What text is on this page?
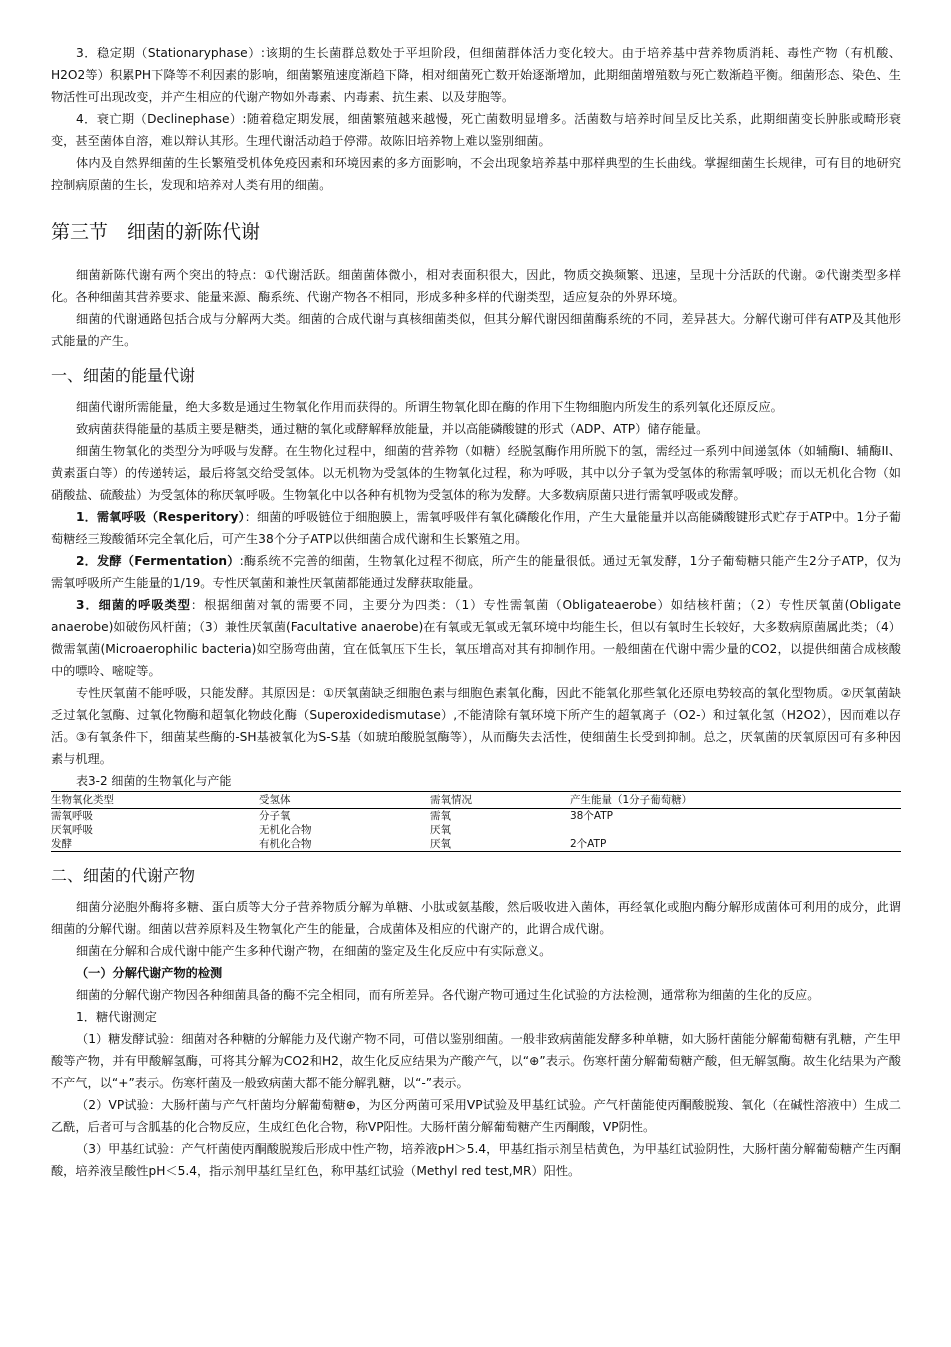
3．稳定期（Stationaryphase）:该期的生长菌群总数处于平坦阶段，但细菌群体活力变化较大。由于培养基中营养物质消耗、毒性产物（有机酸、H2O2等）积累PH下降等不利因素的影响，细菌繁殖速度渐趋下降，相对细菌死亡数开始逐渐增加，此期细菌增殖数与死亡数渐趋平衡。细菌形态、染色、生物活性可出现改变，并产生相应的代谢产物如外毒素、内毒素、抗生素、以及芽胞等。

4．衰亡期（Declinephase）:随着稳定期发展，细菌繁殖越来越慢，死亡菌数明显增多。活菌数与培养时间呈反比关系，此期细菌变长肿胀或畸形衰变，甚至菌体自溶，难以辩认其形。生理代谢活动趋于停滞。故陈旧培养物上难以鉴别细菌。

体内及自然界细菌的生长繁殖受机体免疫因素和环境因素的多方面影响，不会出现象培养基中那样典型的生长曲线。掌握细菌生长规律，可有目的地研究控制病原菌的生长，发现和培养对人类有用的细菌。

第三节　细菌的新陈代谢

细菌新陈代谢有两个突出的特点：①代谢活跃。细菌菌体微小，相对表面积很大，因此，物质交换频繁、迅速，呈现十分活跃的代谢。②代谢类型多样化。各种细菌其营养要求、能量来源、酶系统、代谢产物各不相同，形成多种多样的代谢类型，适应复杂的外界环境。

细菌的代谢通路包括合成与分解两大类。细菌的合成代谢与真核细菌类似，但其分解代谢因细菌酶系统的不同，差异甚大。分解代谢可伴有ATP及其他形式能量的产生。

一、细菌的能量代谢

细菌代谢所需能量，绝大多数是通过生物氧化作用而获得的。所谓生物氧化即在酶的作用下生物细胞内所发生的系列氧化还原反应。

致病菌获得能量的基质主要是糖类，通过糖的氧化或酵解释放能量，并以高能磷酸键的形式（ADP、ATP）储存能量。

细菌生物氧化的类型分为呼吸与发酵。在生物化过程中，细菌的营养物（如糖）经脱氢酶作用所脱下的氢，需经过一系列中间递氢体（如辅酶I、辅酶II、黄素蛋白等）的传递转运，最后将氢交给受氢体。以无机物为受氢体的生物氧化过程，称为呼吸，其中以分子氧为受氢体的称需氧呼吸；而以无机化合物（如硝酸盐、硫酸盐）为受氢体的称厌氧呼吸。生物氧化中以各种有机物为受氢体的称为发酵。大多数病原菌只进行需氧呼吸或发酵。

1．需氧呼吸（Resperitory）：细菌的呼吸链位于细胞膜上，需氧呼吸伴有氧化磷酸化作用，产生大量能量并以高能磷酸键形式贮存于ATP中。1分子葡萄糖经三羧酸循环完全氧化后，可产生38个分子ATP以供细菌合成代谢和生长繁殖之用。

2．发酵（Fermentation）:酶系统不完善的细菌，生物氧化过程不彻底，所产生的能量很低。通过无氧发酵，1分子葡萄糖只能产生2分子ATP，仅为需氧呼吸所产生能量的1/19。专性厌氧菌和兼性厌氧菌都能通过发酵获取能量。

3．细菌的呼吸类型：根据细菌对氧的需要不同，主要分为四类：（1）专性需氧菌（Obligateaerobe）如结核杆菌；（2）专性厌氧菌(Obligate anaerobe)如破伤风杆菌；（3）兼性厌氧菌(Facultative anaerobe)在有氧或无氧或无氧环境中均能生长，但以有氧时生长较好，大多数病原菌属此类；（4）微需氧菌(Microaerophilic bacteria)如空肠弯曲菌，宜在低氧压下生长，氧压增高对其有抑制作用。一般细菌在代谢中需少量的CO2，以提供细菌合成核酸中的嘌呤、嘧啶等。

专性厌氧菌不能呼吸，只能发酵。其原因是：①厌氧菌缺乏细胞色素与细胞色素氧化酶，因此不能氧化那些氧化还原电势较高的氧化型物质。②厌氧菌缺乏过氧化氢酶、过氧化物酶和超氧化物歧化酶（Superoxidedismutase）,不能清除有氧环境下所产生的超氧离子（O2-）和过氧化氢（H2O2），因而难以存活。③有氧条件下，细菌某些酶的-SH基被氧化为S-S基（如琥珀酸脱氢酶等），从而酶失去活性，使细菌生长受到抑制。总之，厌氧菌的厌氧原因可有多种因素与机理。

表3-2 细菌的生物氧化与产能

生物氧化类型	受氢体	需氧情况	产生能量（1分子葡萄糖）
需氧呼吸	分子氧	需氧	38个ATP
厌氧呼吸	无机化合物	厌氧	
发酵	有机化合物	厌氧	2个ATP
二、细菌的代谢产物

细菌分泌胞外酶将多糖、蛋白质等大分子营养物质分解为单糖、小肽或氨基酸，然后吸收进入菌体，再经氧化或胞内酶分解形成菌体可利用的成分，此谓细菌的分解代谢。细菌以营养原料及生物氧化产生的能量，合成菌体及相应的代谢产的，此谓合成代谢。

细菌在分解和合成代谢中能产生多种代谢产物，在细菌的鉴定及生化反应中有实际意义。

（一）分解代谢产物的检测

细菌的分解代谢产物因各种细菌具备的酶不完全相同，而有所差异。各代谢产物可通过生化试验的方法检测，通常称为细菌的生化的反应。

1．糖代谢测定

（1）糖发酵试验：细菌对各种糖的分解能力及代谢产物不同，可借以鉴别细菌。一般非致病菌能发酵多种单糖，如大肠杆菌能分解葡萄糖有乳糖，产生甲酸等产物，并有甲酸解氢酶，可将其分解为CO2和H2，故生化反应结果为产酸产气，以“⊕”表示。伤寒杆菌分解葡萄糖产酸，但无解氢酶。故生化结果为产酸不产气，以“+”表示。伤寒杆菌及一般致病菌大都不能分解乳糖，以“-”表示。

（2）VP试验：大肠杆菌与产气杆菌均分解葡萄糖⊕，为区分两菌可采用VP试验及甲基红试验。产气杆菌能使丙酮酸脱羧、氧化（在碱性溶液中）生成二乙酰，后者可与含胍基的化合物反应，生成红色化合物，称VP阳性。大肠杆菌分解葡萄糖产生丙酮酸，VP阴性。

（3）甲基红试验：产气杆菌使丙酮酸脱羧后形成中性产物，培养液pH＞5.4，甲基红指示剂呈桔黄色，为甲基红试验阴性，大肠杆菌分解葡萄糖产生丙酮酸，培养液呈酸性pH＜5.4，指示剂甲基红呈红色，称甲基红试验（Methyl red test,MR）阳性。
